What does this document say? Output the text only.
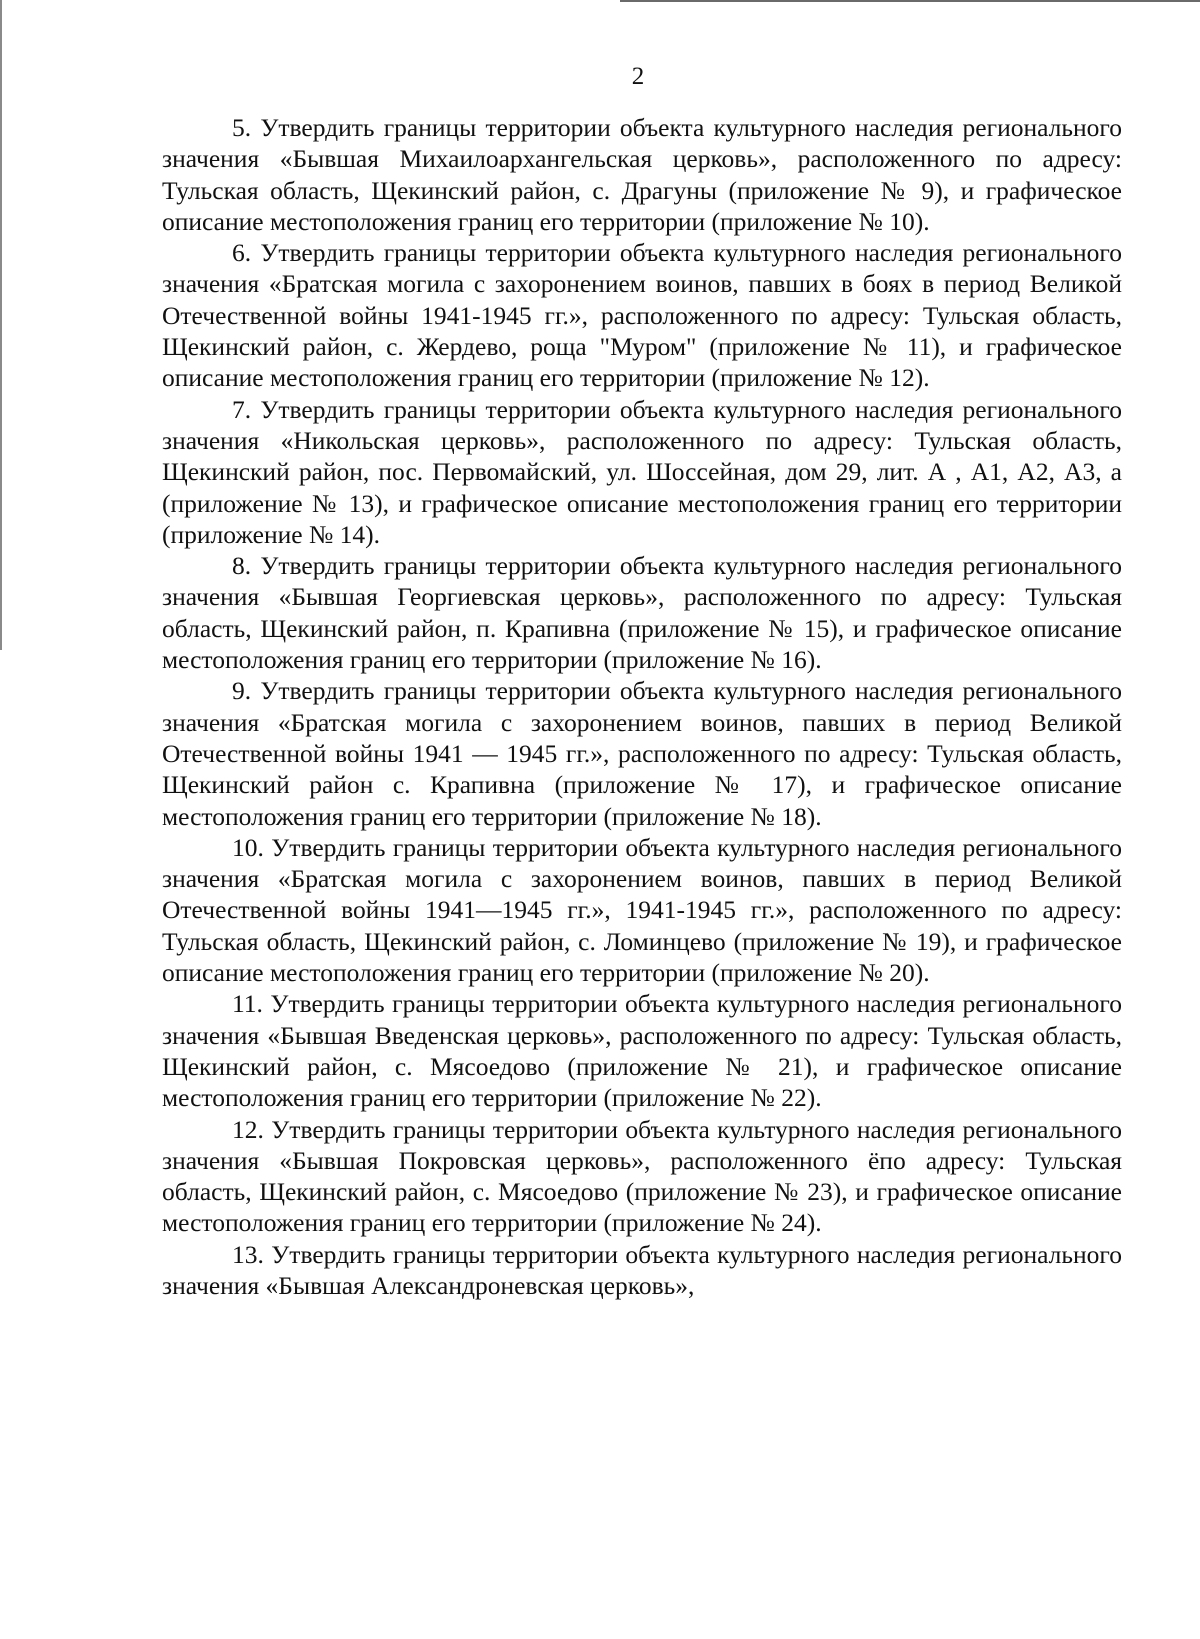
2

5. Утвердить границы территории объекта культурного наследия регионального значения «Бывшая Михаилоархангельская церковь», расположенного по адресу: Тульская область, Щекинский район, с. Драгуны (приложение № 9), и графическое описание местоположения границ его территории (приложение № 10).

6. Утвердить границы территории объекта культурного наследия регионального значения «Братская могила с захоронением воинов, павших в боях в период Великой Отечественной войны 1941-1945 гг.», расположенного по адресу: Тульская область, Щекинский район, с. Жердево, роща "Муром" (приложение № 11), и графическое описание местоположения границ его территории (приложение № 12).

7. Утвердить границы территории объекта культурного наследия регионального значения «Никольская церковь», расположенного по адресу: Тульская область, Щекинский район, пос. Первомайский, ул. Шоссейная, дом 29, лит. А , А1, А2, А3, а (приложение № 13), и графическое описание местоположения границ его территории (приложение № 14).

8. Утвердить границы территории объекта культурного наследия регионального значения «Бывшая Георгиевская церковь», расположенного по адресу: Тульская область, Щекинский район, п. Крапивна (приложение № 15), и графическое описание местоположения границ его территории (приложение № 16).

9. Утвердить границы территории объекта культурного наследия регионального значения «Братская могила с захоронением воинов, павших в период Великой Отечественной войны 1941 — 1945 гг.», расположенного по адресу: Тульская область, Щекинский район с. Крапивна (приложение № 17), и графическое описание местоположения границ его территории (приложение № 18).

10. Утвердить границы территории объекта культурного наследия регионального значения «Братская могила с захоронением воинов, павших в период Великой Отечественной войны 1941—1945 гг.», 1941-1945 гг.», расположенного по адресу: Тульская область, Щекинский район, с. Ломинцево (приложение № 19), и графическое описание местоположения границ его территории (приложение № 20).

11. Утвердить границы территории объекта культурного наследия регионального значения «Бывшая Введенская церковь», расположенного по адресу: Тульская область, Щекинский район, с. Мясоедово (приложение № 21), и графическое описание местоположения границ его территории (приложение № 22).

12. Утвердить границы территории объекта культурного наследия регионального значения «Бывшая Покровская церковь», расположенного ёпо адресу: Тульская область, Щекинский район, с. Мясоедово (приложение № 23), и графическое описание местоположения границ его территории (приложение № 24).

13. Утвердить границы территории объекта культурного наследия регионального значения «Бывшая Александроневская церковь»,
